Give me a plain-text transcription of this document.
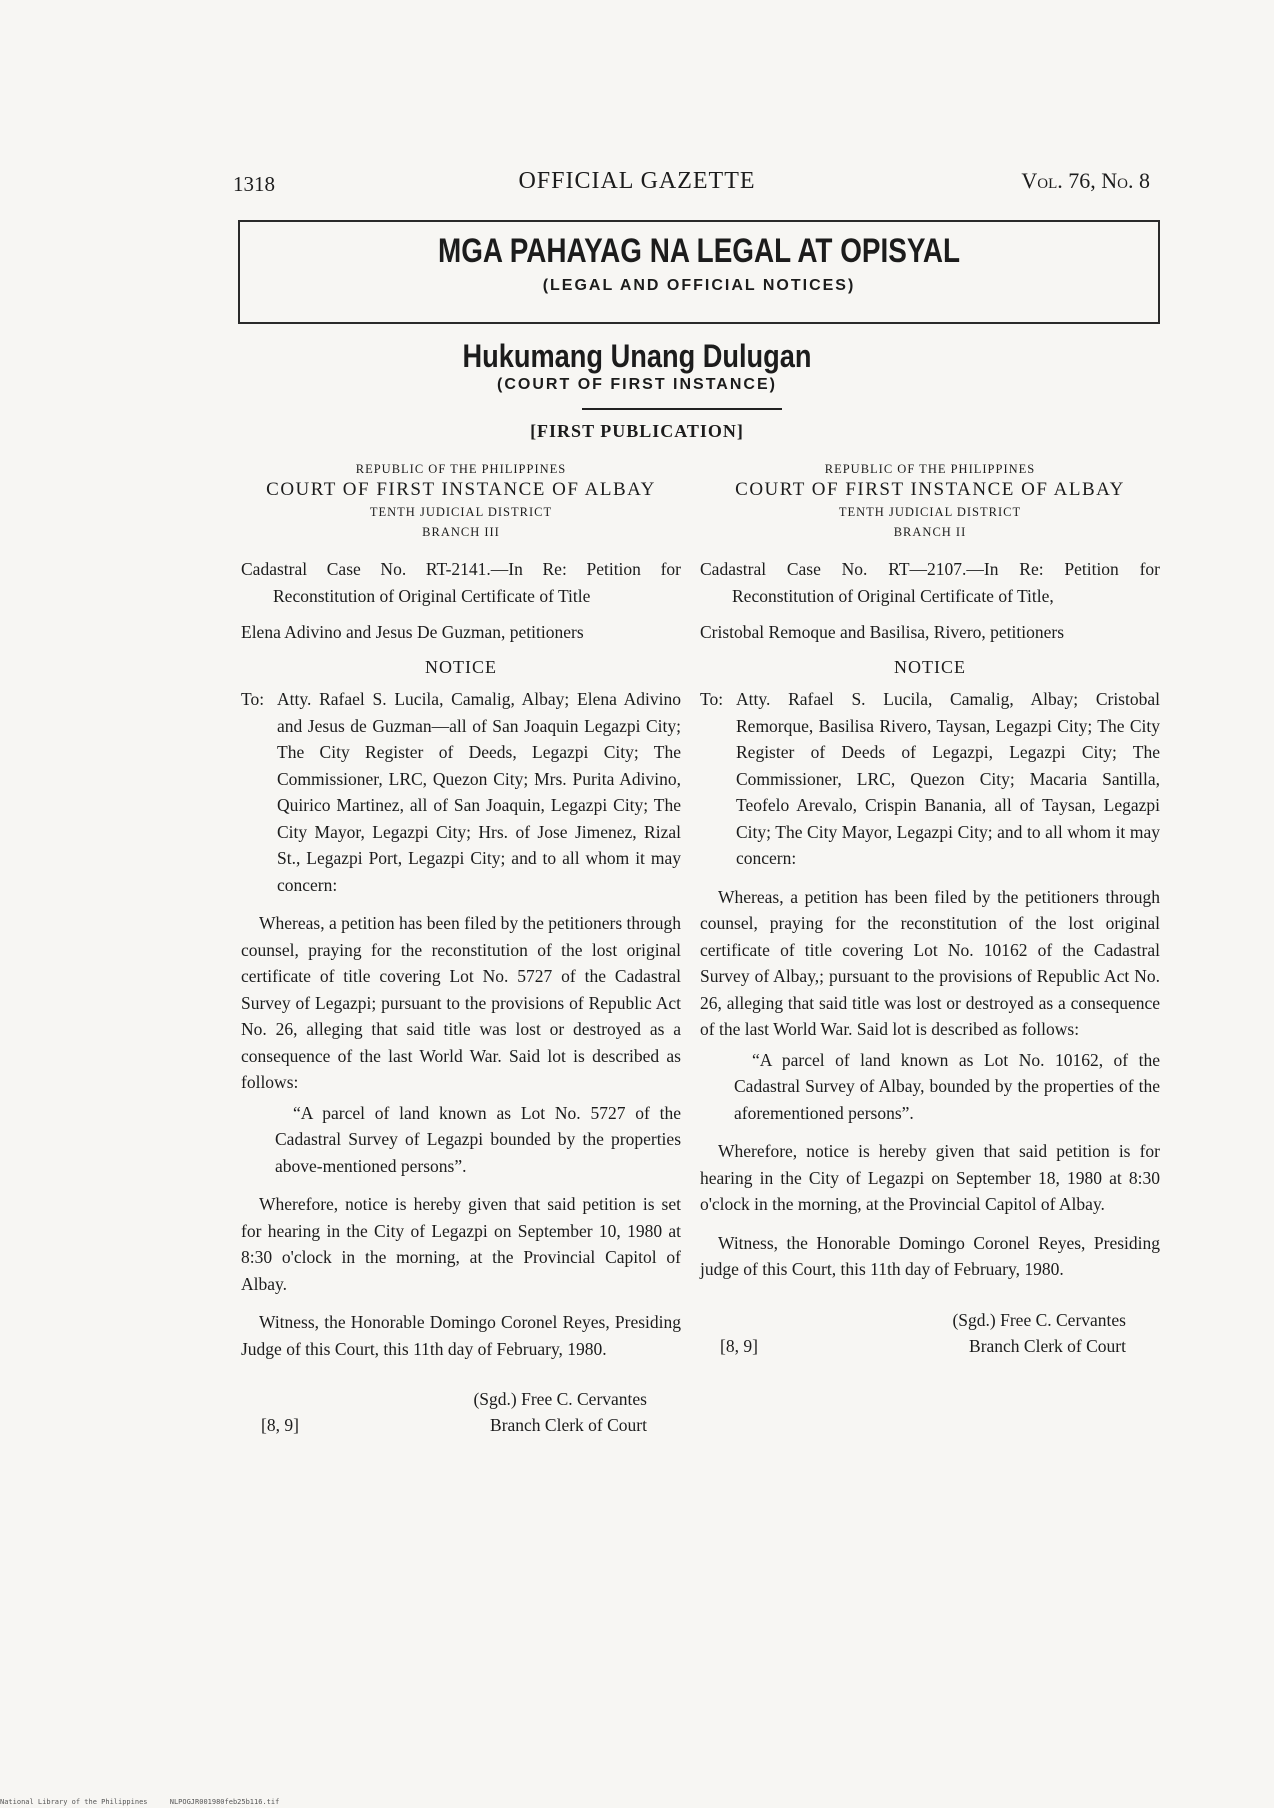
1318	OFFICIAL GAZETTE	Vol. 76, No. 8
MGA PAHAYAG NA LEGAL AT OPISYAL
(LEGAL AND OFFICIAL NOTICES)
Hukumang Unang Dulugan
(COURT OF FIRST INSTANCE)
[FIRST PUBLICATION]
REPUBLIC OF THE PHILIPPINES
COURT OF FIRST INSTANCE OF ALBAY
TENTH JUDICIAL DISTRICT
BRANCH III
Cadastral Case No. RT-2141.—In Re: Petition for Reconstitution of Original Certificate of Title
Elena Adivino and Jesus De Guzman, petitioners
NOTICE
To: Atty. Rafael S. Lucila, Camalig, Albay; Elena Adivino and Jesus de Guzman—all of San Joaquin Legazpi City; The City Register of Deeds, Legazpi City; The Commissioner, LRC, Quezon City; Mrs. Purita Adivino, Quirico Martinez, all of San Joaquin, Legazpi City; The City Mayor, Legazpi City; Hrs. of Jose Jimenez, Rizal St., Legazpi Port, Legazpi City; and to all whom it may concern:
Whereas, a petition has been filed by the petitioners through counsel, praying for the reconstitution of the lost original certificate of title covering Lot No. 5727 of the Cadastral Survey of Legazpi; pursuant to the provisions of Republic Act No. 26, alleging that said title was lost or destroyed as a consequence of the last World War. Said lot is described as follows:
“A parcel of land known as Lot No. 5727 of the Cadastral Survey of Legazpi bounded by the properties above-mentioned persons”.
Wherefore, notice is hereby given that said petition is set for hearing in the City of Legazpi on September 10, 1980 at 8:30 o'clock in the morning, at the Provincial Capitol of Albay.
Witness, the Honorable Domingo Coronel Reyes, Presiding Judge of this Court, this 11th day of February, 1980.
(Sgd.) Free C. Cervantes
Branch Clerk of Court
[8, 9]
REPUBLIC OF THE PHILIPPINES
COURT OF FIRST INSTANCE OF ALBAY
TENTH JUDICIAL DISTRICT
BRANCH II
Cadastral Case No. RT—2107.—In Re: Petition for Reconstitution of Original Certificate of Title,
Cristobal Remoque and Basilisa, Rivero, petitioners
NOTICE
To: Atty. Rafael S. Lucila, Camalig, Albay; Cristobal Remorque, Basilisa Rivero, Taysan, Legazpi City; The City Register of Deeds of Legazpi, Legazpi City; The Commissioner, LRC, Quezon City; Macaria Santilla, Teofelo Arevalo, Crispin Banania, all of Taysan, Legazpi City; The City Mayor, Legazpi City; and to all whom it may concern:
Whereas, a petition has been filed by the petitioners through counsel, praying for the reconstitution of the lost original certificate of title covering Lot No. 10162 of the Cadastral Survey of Albay,; pursuant to the provisions of Republic Act No. 26, alleging that said title was lost or destroyed as a consequence of the last World War. Said lot is described as follows:
“A parcel of land known as Lot No. 10162, of the Cadastral Survey of Albay, bounded by the properties of the aforementioned persons”.
Wherefore, notice is hereby given that said petition is for hearing in the City of Legazpi on September 18, 1980 at 8:30 o'clock in the morning, at the Provincial Capitol of Albay.
Witness, the Honorable Domingo Coronel Reyes, Presiding judge of this Court, this 11th day of February, 1980.
(Sgd.) Free C. Cervantes
Branch Clerk of Court
[8, 9]
National Library of the Philippines	NLPOGJR001980feb25b116.tif
